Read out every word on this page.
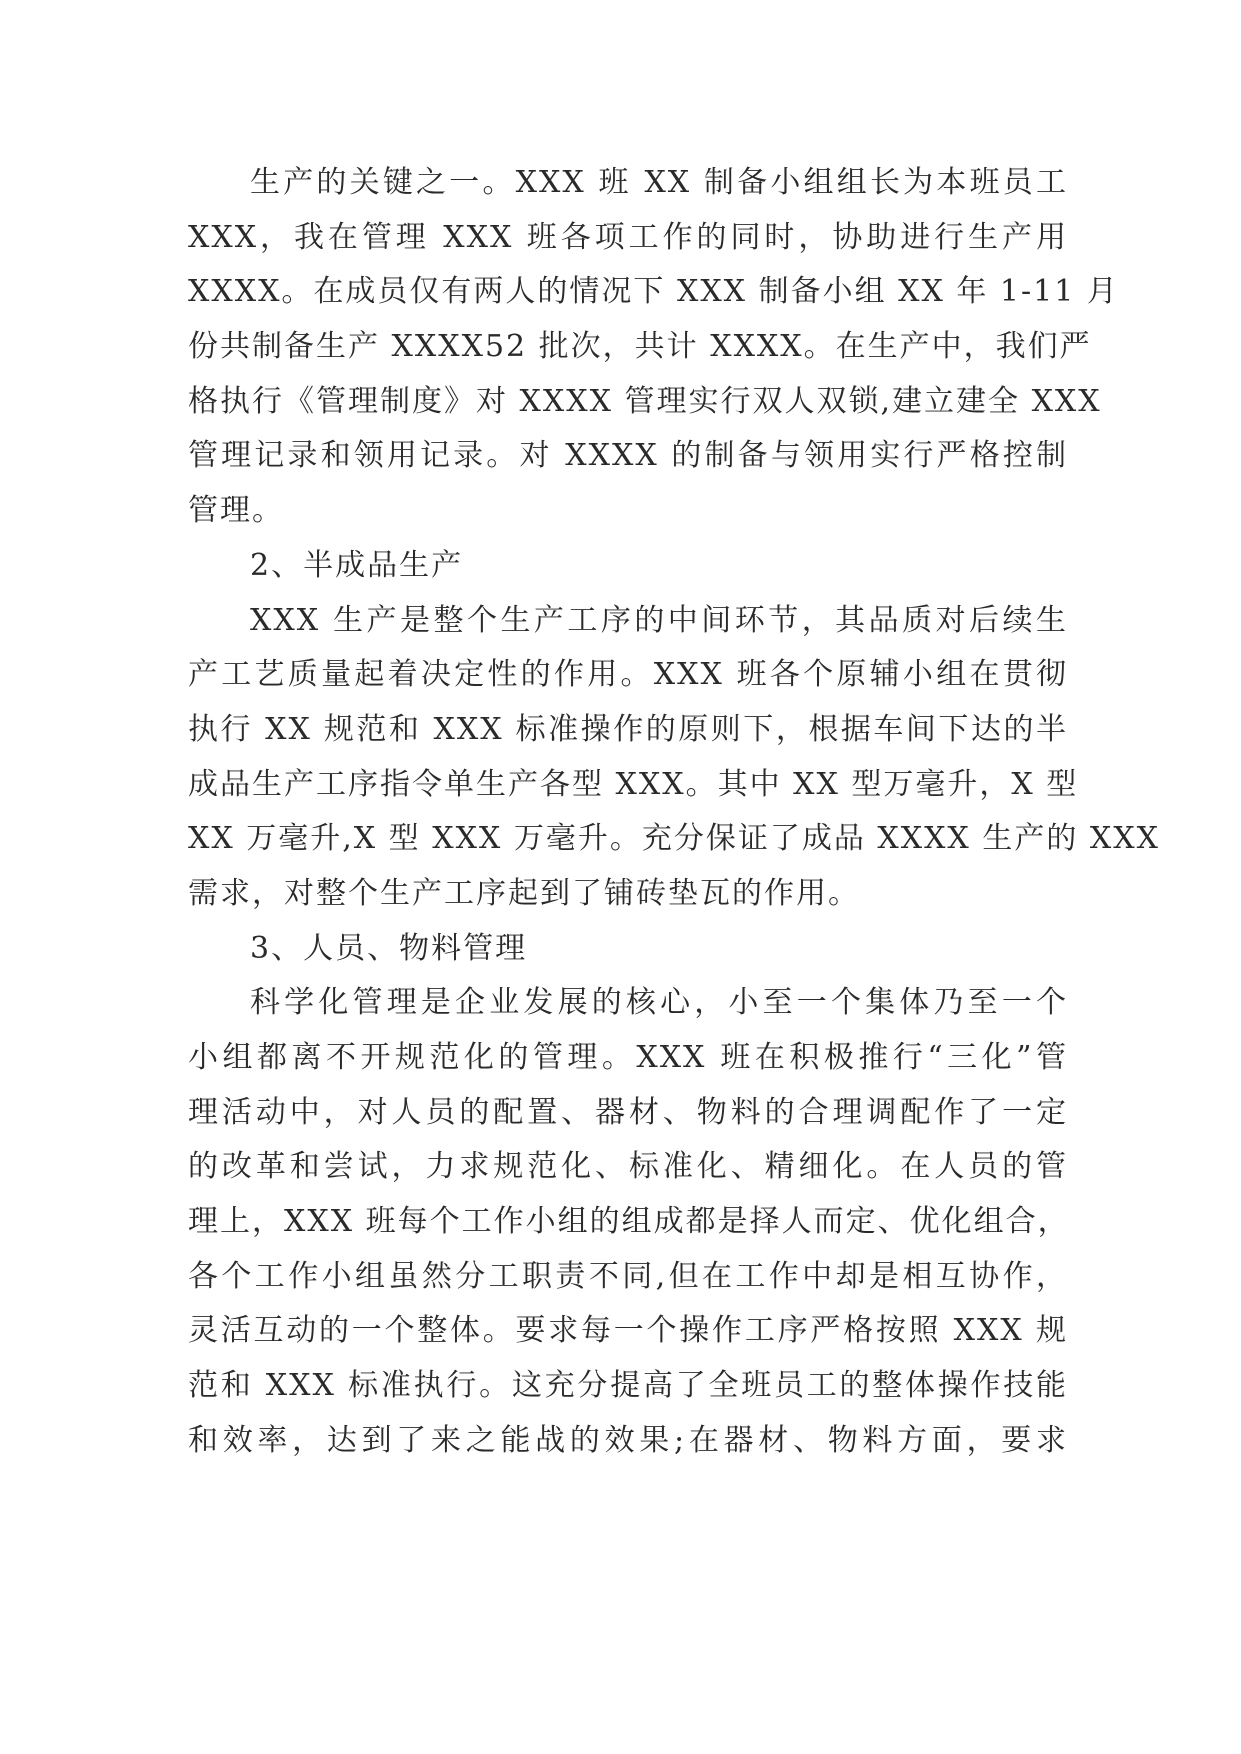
生产的关键之一。XXX 班 XX 制备小组组长为本班员工
XXX，我在管理 XXX 班各项工作的同时，协助进行生产用
XXXX。在成员仅有两人的情况下 XXX 制备小组 XX 年 1-11 月
份共制备生产 XXXX52 批次，共计 XXXX。在生产中，我们严
格执行《管理制度》对 XXXX 管理实行双人双锁,建立建全 XXX
管理记录和领用记录。对 XXXX 的制备与领用实行严格控制
管理。
2、半成品生产
XXX 生产是整个生产工序的中间环节，其品质对后续生
产工艺质量起着决定性的作用。XXX 班各个原辅小组在贯彻
执行 XX 规范和 XXX 标准操作的原则下，根据车间下达的半
成品生产工序指令单生产各型 XXX。其中 XX 型万毫升，X 型
XX 万毫升,X 型 XXX 万毫升。充分保证了成品 XXXX 生产的 XXX
需求，对整个生产工序起到了铺砖垫瓦的作用。
3、人员、物料管理
科学化管理是企业发展的核心，小至一个集体乃至一个
小组都离不开规范化的管理。XXX 班在积极推行“三化”管
理活动中，对人员的配置、器材、物料的合理调配作了一定
的改革和尝试，力求规范化、标准化、精细化。在人员的管
理上，XXX 班每个工作小组的组成都是择人而定、优化组合，
各个工作小组虽然分工职责不同,但在工作中却是相互协作，
灵活互动的一个整体。要求每一个操作工序严格按照 XXX 规
范和 XXX 标准执行。这充分提高了全班员工的整体操作技能
和效率，达到了来之能战的效果;在器材、物料方面，要求
